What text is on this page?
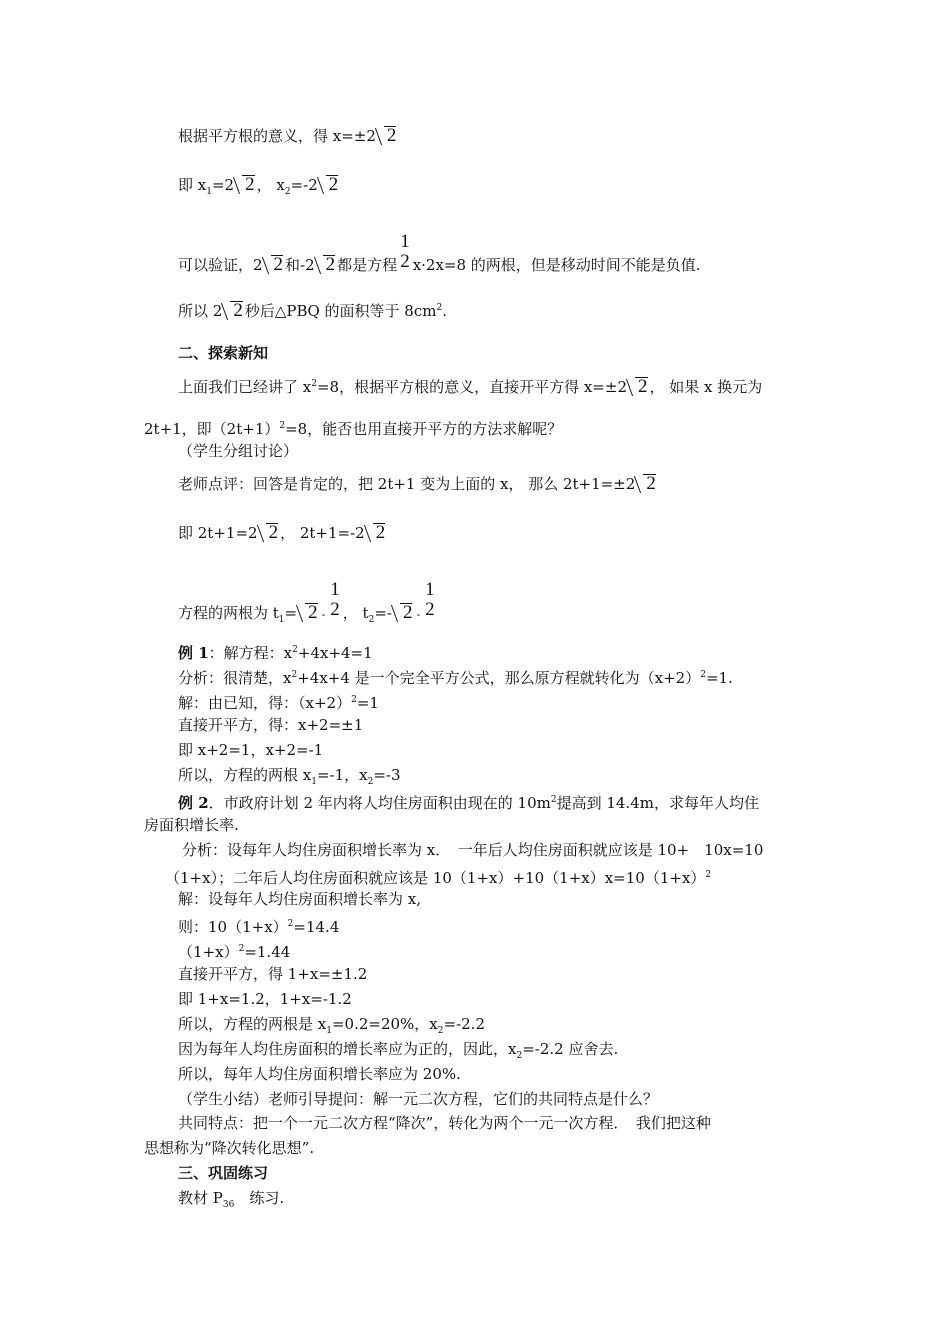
根据平方根的意义，得 x=±2 2
即 $x_1=2$ 2 ， $x_2=-2$ 2
可以验证，2 2 和-2 2 都是方程
1
2 x·2x=8 的两根，但是移动时间不能是负值.
所以 2 2 秒后△PBQ 的面积等于 $8cm^2$.
二、探索新知
上面我们已经讲了 $x^2=8$，根据平方根的意义，直接开平方得 x=±2 2 ， 如果 x 换元为
2t+1，即$(2t+1)^2=8$，能否也用直接开平方的方法求解呢？
（学生分组讨论）
老师点评：回答是肯定的，把 2t+1 变为上面的 x， 那么 2t+1=±2 2
即 2t+1=2 2 ， 2t+1=-2 2
方程的两根为 $t_1= 2$ -
1
2 ， $t_2=-$ 2 -
1
2
例 1：解方程：$x^2+4x+4=1$
分析：很清楚，$x^2+4x+4$ 是一个完全平方公式，那么原方程就转化为$(x+2)^2=1$.
解：由已知，得：$(x+2)^2=1$
直接开平方，得：x+2=±1
即 x+2=1，x+2=-1
所以，方程的两根 $x_1=-1$，$x_2=-3$
例 2．市政府计划 2 年内将人均住房面积由现在的 $10m^2$提高到 14.4m，求每年人均住
房面积增长率.
分析：设每年人均住房面积增长率为 x．　一年后人均住房面积就应该是 10+　10x=10
（1+x）；二年后人均住房面积就应该是 $10(1+x)+10(1+x)x=10(1+x)^2$
解：设每年人均住房面积增长率为 x,
则：$10(1+x)^2=14.4$
$(1+x)^2=1.44$
直接开平方，得 1+x=±1.2
即 1+x=1.2，1+x=-1.2
所以，方程的两根是 $x_1=0.2=20\%$，$x_2=-2.2$
因为每年人均住房面积的增长率应为正的，因此，$x_2=-2.2$ 应舍去.
所以，每年人均住房面积增长率应为 20%.
（学生小结）老师引导提问：解一元二次方程，它们的共同特点是什么？
共同特点：把一个一元二次方程“降次”，转化为两个一元一次方程．　我们把这种
思想称为“降次转化思想”.
三、巩固练习
教材 $P_{36}$　练习.
